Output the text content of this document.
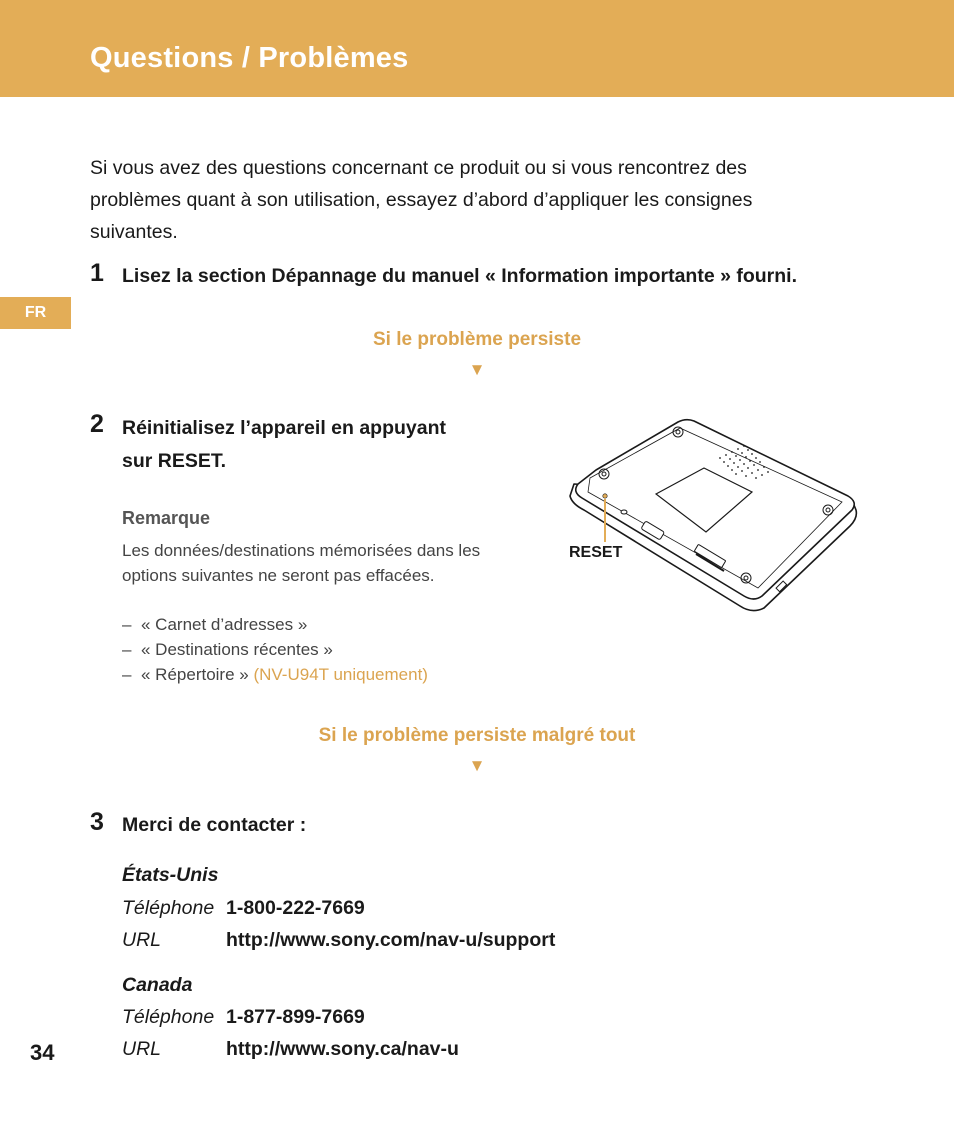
Questions / Problèmes
FR

Si vous avez des questions concernant ce produit ou si vous rencontrez des problèmes quant à son utilisation, essayez d’abord d’appliquer les consignes suivantes.

1 Lisez la section Dépannage du manuel « Information importante » fourni.

Si le problème persiste
▼
2 Réinitialisez l’appareil en appuyant

sur RESET.

Remarque

Les données/destinations mémorisées dans les options suivantes ne seront pas effacées.

– « Carnet d’adresses »
– « Destinations récentes »
– « Répertoire » (NV-U94T uniquement)

RESET

Si le problème persiste malgré tout
▼
3 Merci de contacter :

États-Unis

Téléphone 1-800-222-7669

URL	http://www.sony.com/nav-u/support

Canada

Téléphone 1-877-899-7669

URL	http://www.sony.ca/nav-u

34
